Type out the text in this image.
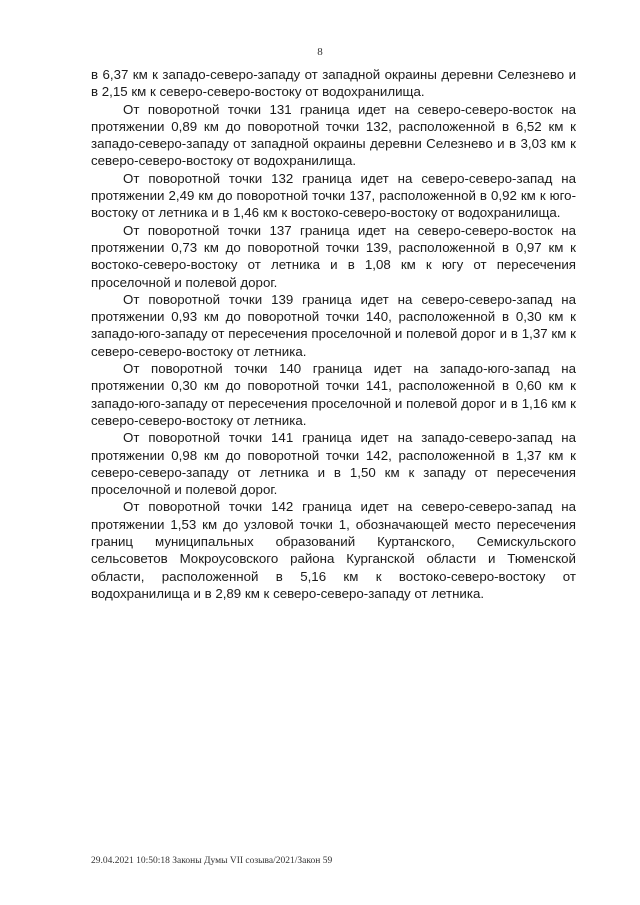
8

в 6,37 км к западо-северо-западу от западной окраины деревни Селезнево и в 2,15 км к северо-северо-востоку от водохранилища.

От поворотной точки 131 граница идет на северо-северо-восток на протяжении 0,89 км до поворотной точки 132, расположенной в 6,52 км к западо-северо-западу от западной окраины деревни Селезнево и в 3,03 км к северо-северо-востоку от водохранилища.

От поворотной точки 132 граница идет на северо-северо-запад на протяжении 2,49 км до поворотной точки 137, расположенной в 0,92 км к юго-востоку от летника и в 1,46 км к востоко-северо-востоку от водохранилища.

От поворотной точки 137 граница идет на северо-северо-восток на протяжении 0,73 км до поворотной точки 139, расположенной в 0,97 км к востоко-северо-востоку от летника и в 1,08 км к югу от пересечения проселочной и полевой дорог.

От поворотной точки 139 граница идет на северо-северо-запад на протяжении 0,93 км до поворотной точки 140, расположенной в 0,30 км к западо-юго-западу от пересечения проселочной и полевой дорог и в 1,37 км к северо-северо-востоку от летника.

От поворотной точки 140 граница идет на западо-юго-запад на протяжении 0,30 км до поворотной точки 141, расположенной в 0,60 км к западо-юго-западу от пересечения проселочной и полевой дорог и в 1,16 км к северо-северо-востоку от летника.

От поворотной точки 141 граница идет на западо-северо-запад на протяжении 0,98 км до поворотной точки 142, расположенной в 1,37 км к северо-северо-западу от летника и в 1,50 км к западу от пересечения проселочной и полевой дорог.

От поворотной точки 142 граница идет на северо-северо-запад на протяжении 1,53 км до узловой точки 1, обозначающей место пересечения границ муниципальных образований Куртанского, Семискульского сельсоветов Мокроусовского района Курганской области и Тюменской области, расположенной в 5,16 км к востоко-северо-востоку от водохранилища и в 2,89 км к северо-северо-западу от летника.

29.04.2021 10:50:18 Законы Думы VII созыва/2021/Закон 59
